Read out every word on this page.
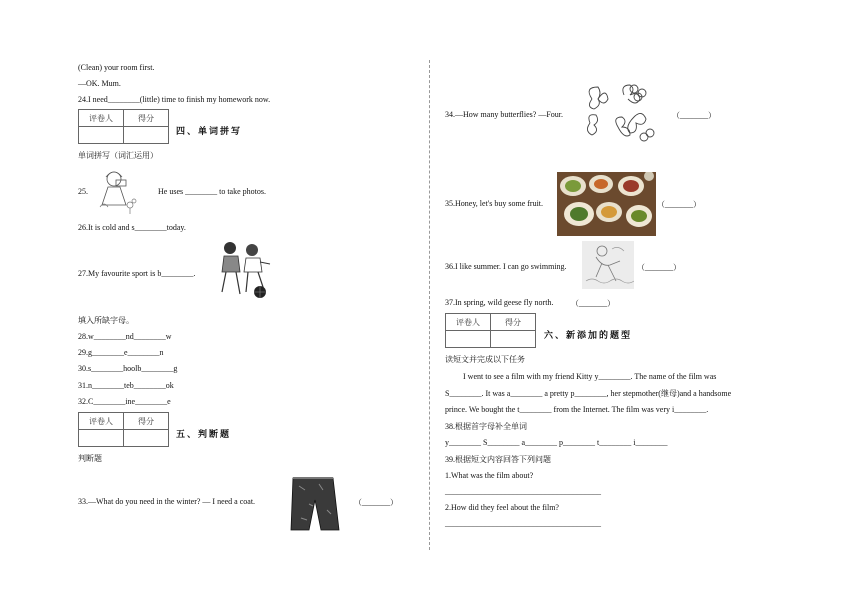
(Clean) your room first.
—OK. Mum.
24.I need________(little) time to finish my homework now.
评卷人	得分

四、单词拼写
单词拼写（词汇运用）
25.	He uses ________ to take photos.
26.It is cold and s________today.
27.My favourite sport is b________.
填入所缺字母。
28.w________nd________w
29.g________e________n
30.s________hoolb________g
31.n________teb________ok
32.C________ine________e
评卷人	得分

五、判断题
判断题
33.—What do you need in the winter? — I need a coat.	（_______）
34.—How many butterflies? —Four.	（_______）
35.Honey, let's buy some fruit.	（_______）
36.I like summer. I can go swimming.	（_______）
37.In spring, wild geese fly north. （_______）
评卷人	得分

六、新添加的题型
读短文并完成以下任务
I went to see a film with my friend Kitty y________. The name of the film was
S________. It was a________ a pretty p________, her stepmother(继母)and a handsome
prince. We bought the t________ from the Internet. The film was very i________.
38.根据首字母补全单词
y________ S________ a________ p________ t________ i________
39.根据短文内容回答下列问题
1.What was the film about?
_______________________________________
2.How did they feel about the film?
_______________________________________
